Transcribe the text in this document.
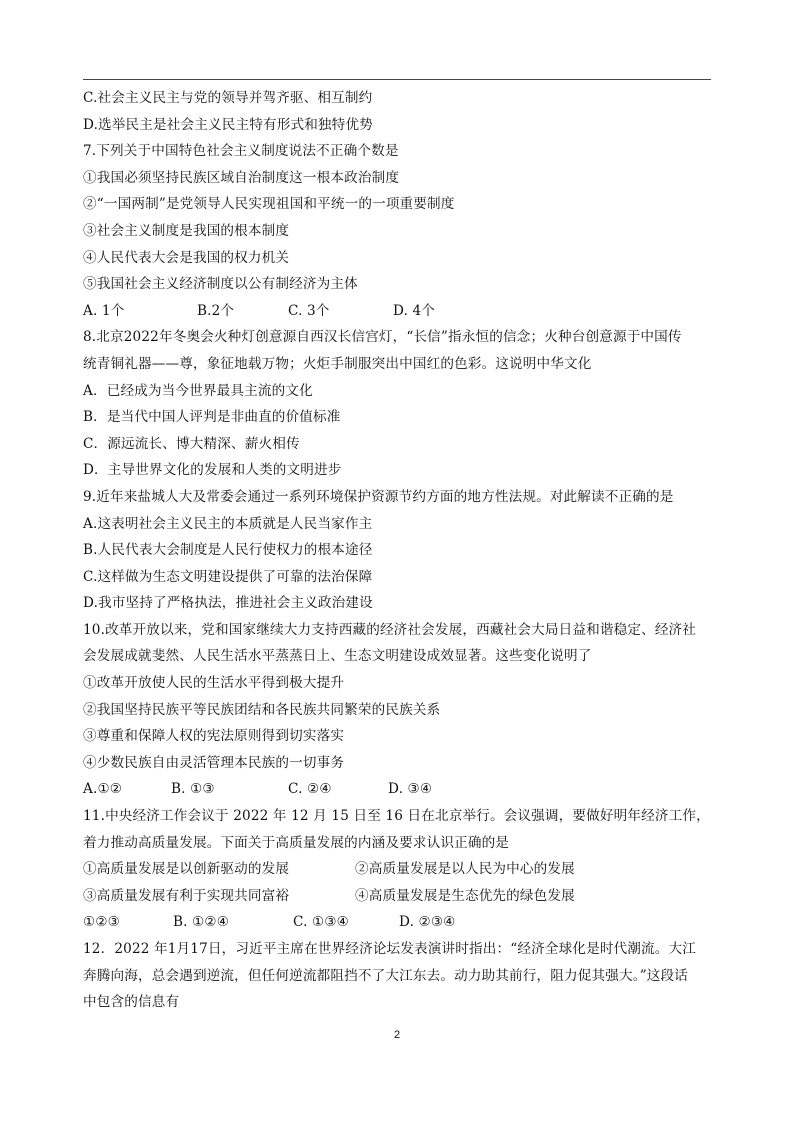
C.社会主义民主与党的领导并驾齐驱、相互制约
D.选举民主是社会主义民主特有形式和独特优势
7.下列关于中国特色社会主义制度说法不正确个数是
①我国必须坚持民族区域自治制度这一根本政治制度
②“一国两制”是党领导人民实现祖国和平统一的一项重要制度
③社会主义制度是我国的根本制度
④人民代表大会是我国的权力机关
⑤我国社会主义经济制度以公有制经济为主体
A. 1个	B.2个	C. 3个	D. 4个
8.北京2022年冬奥会火种灯创意源自西汉长信宫灯，“长信”指永恒的信念；火种台创意源于中国传
统青铜礼器——尊，象征地载万物；火炬手制服突出中国红的色彩。这说明中华文化
A．已经成为当今世界最具主流的文化
B．是当代中国人评判是非曲直的价值标准
C．源远流长、博大精深、薪火相传
D．主导世界文化的发展和人类的文明进步
9.近年来盐城人大及常委会通过一系列环境保护资源节约方面的地方性法规。对此解读不正确的是
A.这表明社会主义民主的本质就是人民当家作主
B.人民代表大会制度是人民行使权力的根本途径
C.这样做为生态文明建设提供了可靠的法治保障
D.我市坚持了严格执法，推进社会主义政治建设
10.改革开放以来，党和国家继续大力支持西藏的经济社会发展，西藏社会大局日益和谐稳定、经济社
会发展成就斐然、人民生活水平蒸蒸日上、生态文明建设成效显著。这些变化说明了
①改革开放使人民的生活水平得到极大提升
②我国坚持民族平等民族团结和各民族共同繁荣的民族关系
③尊重和保障人权的宪法原则得到切实落实
④少数民族自由灵活管理本民族的一切事务
A.①②	B. ①③	C. ②④	D. ③④
11.中央经济工作会议于 2022 年 12 月 15 日至 16 日在北京举行。会议强调，要做好明年经济工作，
着力推动高质量发展。下面关于高质量发展的内涵及要求认识正确的是
①高质量发展是以创新驱动的发展	②高质量发展是以人民为中心的发展
③高质量发展有利于实现共同富裕	④高质量发展是生态优先的绿色发展
①②③	B. ①②④	C. ①③④	D. ②③④
12．2022 年1月17日，习近平主席在世界经济论坛发表演讲时指出：“经济全球化是时代潮流。大江
奔腾向海，总会遇到逆流，但任何逆流都阻挡不了大江东去。动力助其前行，阻力促其强大。”这段话
中包含的信息有
2
